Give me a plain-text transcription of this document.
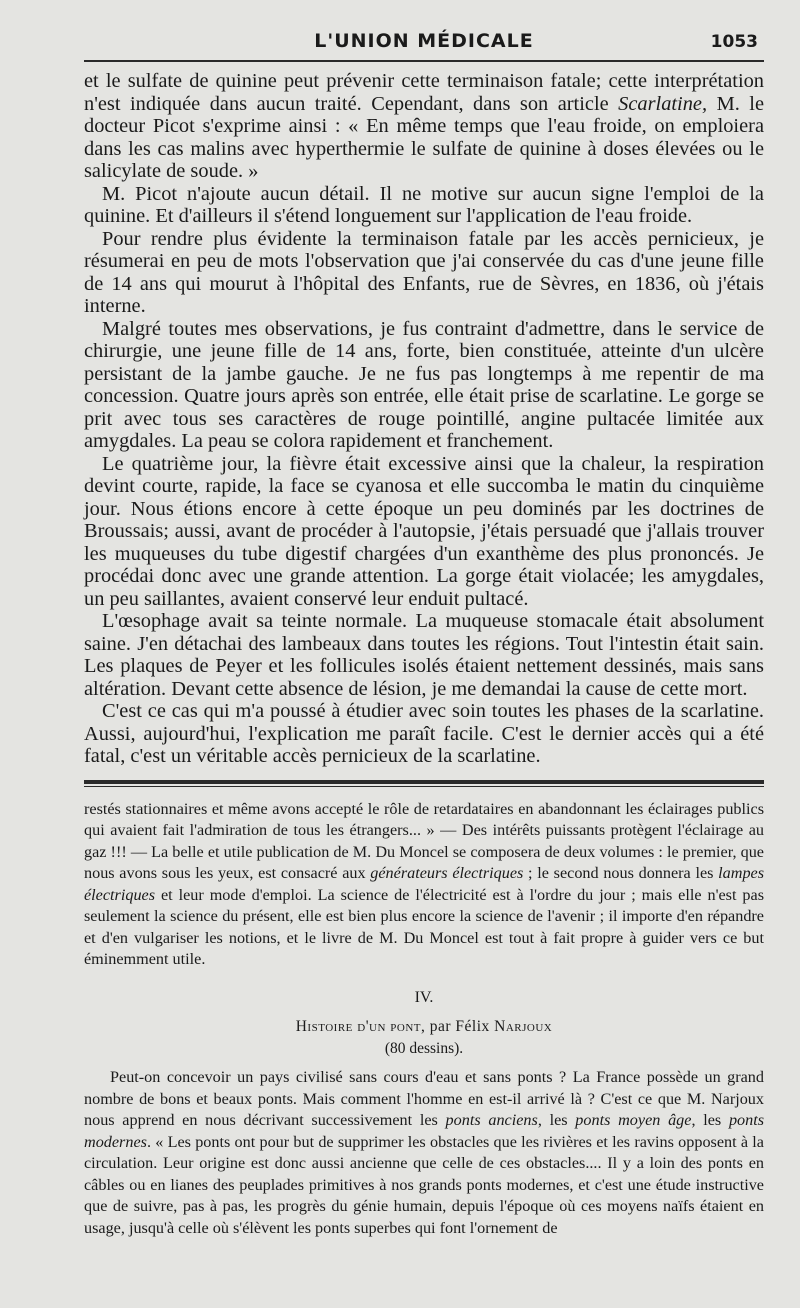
L'UNION MÉDICALE	1053

et le sulfate de quinine peut prévenir cette terminaison fatale; cette interprétation n'est indiquée dans aucun traité. Cependant, dans son article Scarlatine, M. le docteur Picot s'exprime ainsi : « En même temps que l'eau froide, on emploiera dans les cas malins avec hyperthermie le sulfate de quinine à doses élevées ou le salicylate de soude. »

M. Picot n'ajoute aucun détail. Il ne motive sur aucun signe l'emploi de la quinine. Et d'ailleurs il s'étend longuement sur l'application de l'eau froide.

Pour rendre plus évidente la terminaison fatale par les accès pernicieux, je résumerai en peu de mots l'observation que j'ai conservée du cas d'une jeune fille de 14 ans qui mourut à l'hôpital des Enfants, rue de Sèvres, en 1836, où j'étais interne.

Malgré toutes mes observations, je fus contraint d'admettre, dans le service de chirurgie, une jeune fille de 14 ans, forte, bien constituée, atteinte d'un ulcère persistant de la jambe gauche. Je ne fus pas longtemps à me repentir de ma concession. Quatre jours après son entrée, elle était prise de scarlatine. Le gorge se prit avec tous ses caractères de rouge pointillé, angine pultacée limitée aux amygdales. La peau se colora rapidement et franchement.

Le quatrième jour, la fièvre était excessive ainsi que la chaleur, la respiration devint courte, rapide, la face se cyanosa et elle succomba le matin du cinquième jour. Nous étions encore à cette époque un peu dominés par les doctrines de Broussais; aussi, avant de procéder à l'autopsie, j'étais persuadé que j'allais trouver les muqueuses du tube digestif chargées d'un exanthème des plus prononcés. Je procédai donc avec une grande attention. La gorge était violacée; les amygdales, un peu saillantes, avaient conservé leur enduit pultacé.

L'œsophage avait sa teinte normale. La muqueuse stomacale était absolument saine. J'en détachai des lambeaux dans toutes les régions. Tout l'intestin était sain. Les plaques de Peyer et les follicules isolés étaient nettement dessinés, mais sans altération. Devant cette absence de lésion, je me demandai la cause de cette mort.

C'est ce cas qui m'a poussé à étudier avec soin toutes les phases de la scarlatine. Aussi, aujourd'hui, l'explication me paraît facile. C'est le dernier accès qui a été fatal, c'est un véritable accès pernicieux de la scarlatine.

restés stationnaires et même avons accepté le rôle de retardataires en abandonnant les éclairages publics qui avaient fait l'admiration de tous les étrangers... » — Des intérêts puissants protègent l'éclairage au gaz !!! — La belle et utile publication de M. Du Moncel se composera de deux volumes : le premier, que nous avons sous les yeux, est consacré aux générateurs électriques ; le second nous donnera les lampes électriques et leur mode d'emploi. La science de l'électricité est à l'ordre du jour ; mais elle n'est pas seulement la science du présent, elle est bien plus encore la science de l'avenir ; il importe d'en répandre et d'en vulgariser les notions, et le livre de M. Du Moncel est tout à fait propre à guider vers ce but éminemment utile.

IV.
Histoire d'un pont, par Félix Narjoux
(80 dessins).

Peut-on concevoir un pays civilisé sans cours d'eau et sans ponts ? La France possède un grand nombre de bons et beaux ponts. Mais comment l'homme en est-il arrivé là ? C'est ce que M. Narjoux nous apprend en nous décrivant successivement les ponts anciens, les ponts moyen âge, les ponts modernes. « Les ponts ont pour but de supprimer les obstacles que les rivières et les ravins opposent à la circulation. Leur origine est donc aussi ancienne que celle de ces obstacles.... Il y a loin des ponts en câbles ou en lianes des peuplades primitives à nos grands ponts modernes, et c'est une étude instructive que de suivre, pas à pas, les progrès du génie humain, depuis l'époque où ces moyens naïfs étaient en usage, jusqu'à celle où s'élèvent les ponts superbes qui font l'ornement de
